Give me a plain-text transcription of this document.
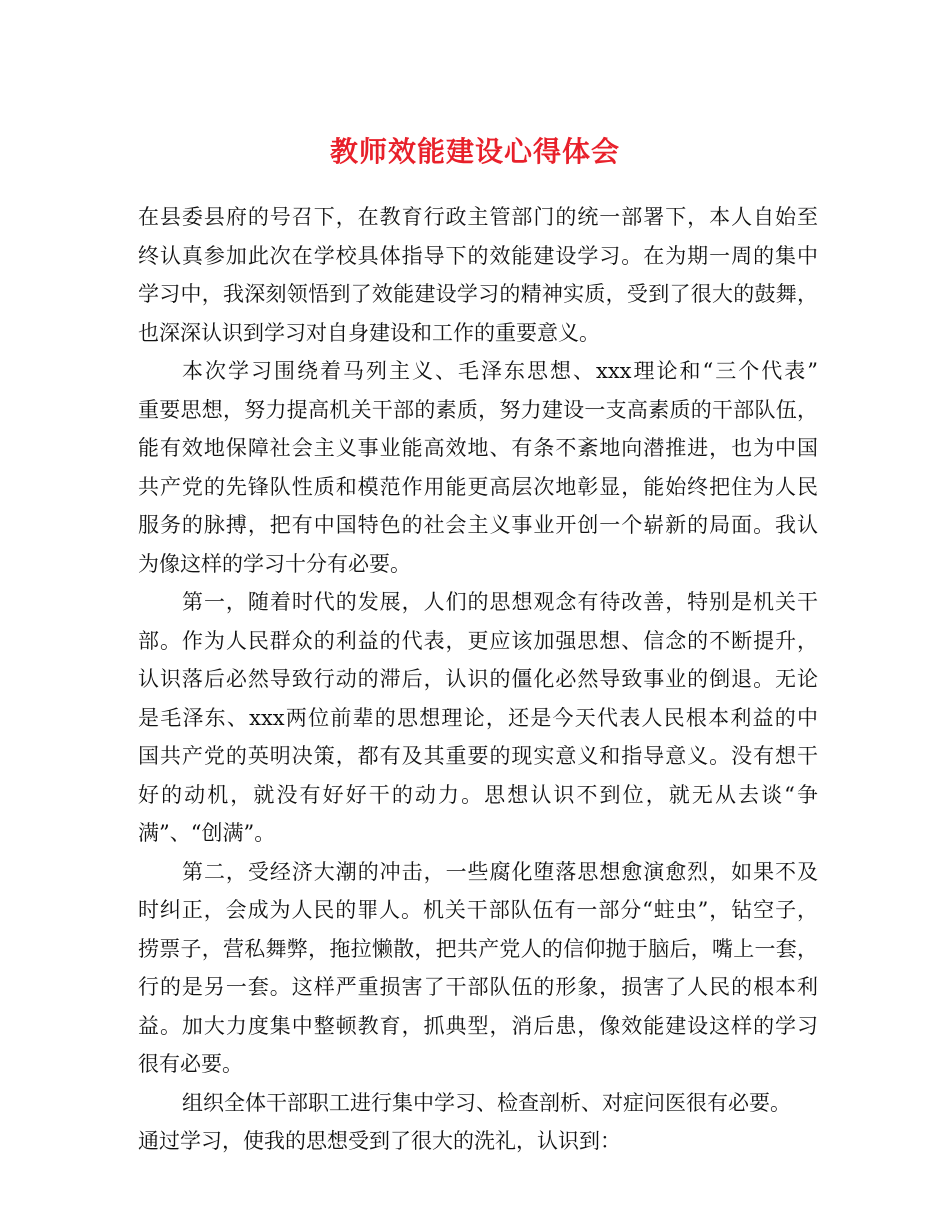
教师效能建设心得体会
在县委县府的号召下，在教育行政主管部门的统一部署下，本人自始至
终认真参加此次在学校具体指导下的效能建设学习。在为期一周的集中
学习中，我深刻领悟到了效能建设学习的精神实质，受到了很大的鼓舞，
也深深认识到学习对自身建设和工作的重要意义。
本次学习围绕着马列主义、毛泽东思想、xxx理论和“三个代表”
重要思想，努力提高机关干部的素质，努力建设一支高素质的干部队伍，
能有效地保障社会主义事业能高效地、有条不紊地向潜推进，也为中国
共产党的先锋队性质和模范作用能更高层次地彰显，能始终把住为人民
服务的脉搏，把有中国特色的社会主义事业开创一个崭新的局面。我认
为像这样的学习十分有必要。
第一，随着时代的发展，人们的思想观念有待改善，特别是机关干
部。作为人民群众的利益的代表，更应该加强思想、信念的不断提升，
认识落后必然导致行动的滞后，认识的僵化必然导致事业的倒退。无论
是毛泽东、xxx两位前辈的思想理论，还是今天代表人民根本利益的中
国共产党的英明决策，都有及其重要的现实意义和指导意义。没有想干
好的动机，就没有好好干的动力。思想认识不到位，就无从去谈“争
满”、“创满”。
第二，受经济大潮的冲击，一些腐化堕落思想愈演愈烈，如果不及
时纠正，会成为人民的罪人。机关干部队伍有一部分“蛀虫”，钻空子，
捞票子，营私舞弊，拖拉懒散，把共产党人的信仰抛于脑后，嘴上一套，
行的是另一套。这样严重损害了干部队伍的形象，损害了人民的根本利
益。加大力度集中整顿教育，抓典型，消后患，像效能建设这样的学习
很有必要。
组织全体干部职工进行集中学习、检查剖析、对症问医很有必要。
通过学习，使我的思想受到了很大的洗礼，认识到：
